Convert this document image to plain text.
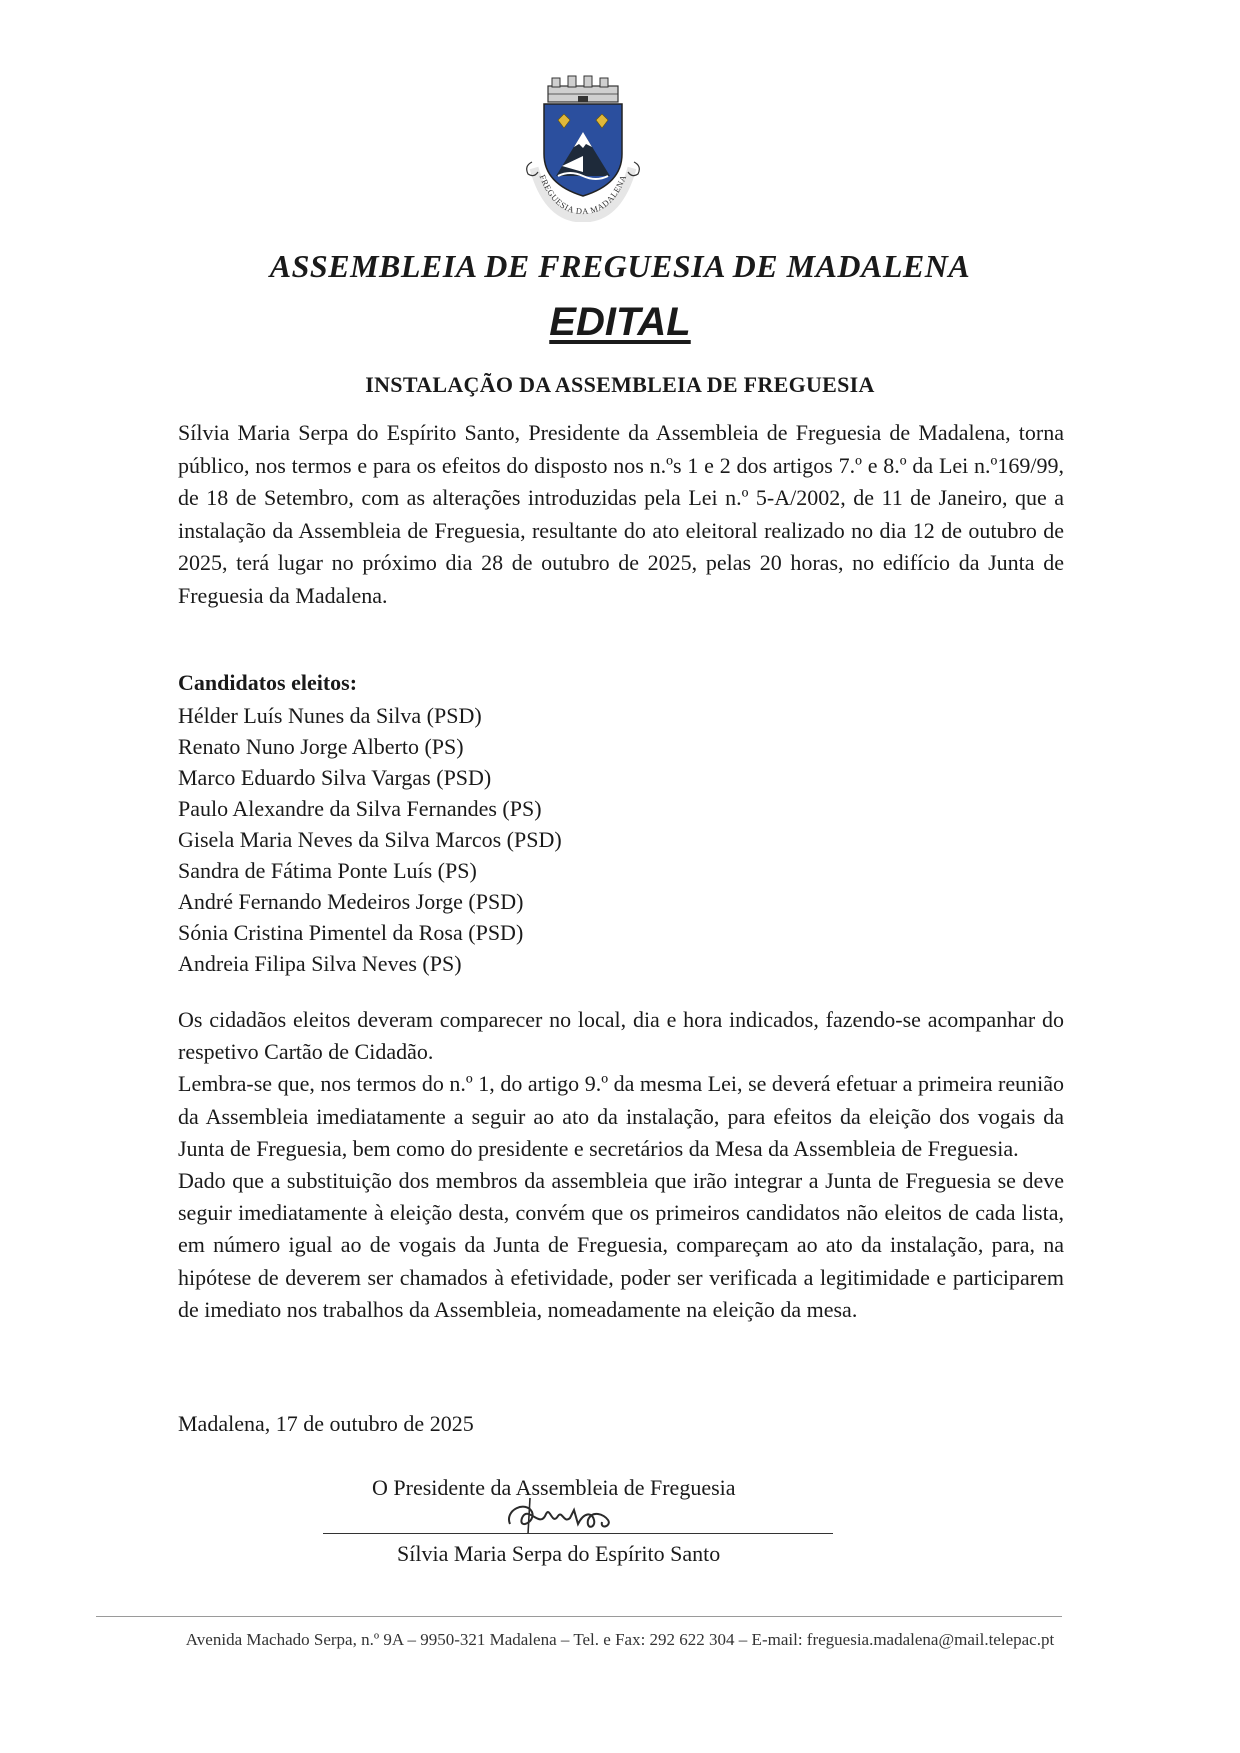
FREGUESIA DA MADALENA
ASSEMBLEIA DE FREGUESIA DE MADALENA
EDITAL
INSTALAÇÃO DA ASSEMBLEIA DE FREGUESIA

Sílvia Maria Serpa do Espírito Santo, Presidente da Assembleia de Freguesia de Madalena, torna público, nos termos e para os efeitos do disposto nos n.ºs 1 e 2 dos artigos 7.º e 8.º da Lei n.º169/99, de 18 de Setembro, com as alterações introduzidas pela Lei n.º 5-A/2002, de 11 de Janeiro, que a instalação da Assembleia de Freguesia, resultante do ato eleitoral realizado no dia 12 de outubro de 2025, terá lugar no próximo dia 28 de outubro de 2025, pelas 20 horas, no edifício da Junta de Freguesia da Madalena.

Candidatos eleitos:
Hélder Luís Nunes da Silva (PSD)
Renato Nuno Jorge Alberto (PS)
Marco Eduardo Silva Vargas (PSD)
Paulo Alexandre da Silva Fernandes (PS)
Gisela Maria Neves da Silva Marcos (PSD)
Sandra de Fátima Ponte Luís (PS)
André Fernando Medeiros Jorge (PSD)
Sónia Cristina Pimentel da Rosa (PSD)
Andreia Filipa Silva Neves (PS)

Os cidadãos eleitos deveram comparecer no local, dia e hora indicados, fazendo-se acompanhar do respetivo Cartão de Cidadão.

Lembra-se que, nos termos do n.º 1, do artigo 9.º da mesma Lei, se deverá efetuar a primeira reunião da Assembleia imediatamente a seguir ao ato da instalação, para efeitos da eleição dos vogais da Junta de Freguesia, bem como do presidente e secretários da Mesa da Assembleia de Freguesia.

Dado que a substituição dos membros da assembleia que irão integrar a Junta de Freguesia se deve seguir imediatamente à eleição desta, convém que os primeiros candidatos não eleitos de cada lista, em número igual ao de vogais da Junta de Freguesia, compareçam ao ato da instalação, para, na hipótese de deverem ser chamados à efetividade, poder ser verificada a legitimidade e participarem de imediato nos trabalhos da Assembleia, nomeadamente na eleição da mesa.

Madalena, 17 de outubro de 2025
O Presidente da Assembleia de Freguesia
Sílvia Maria Serpa do Espírito Santo
Avenida Machado Serpa, n.º 9A – 9950-321 Madalena – Tel. e Fax: 292 622 304 – E-mail: freguesia.madalena@mail.telepac.pt
